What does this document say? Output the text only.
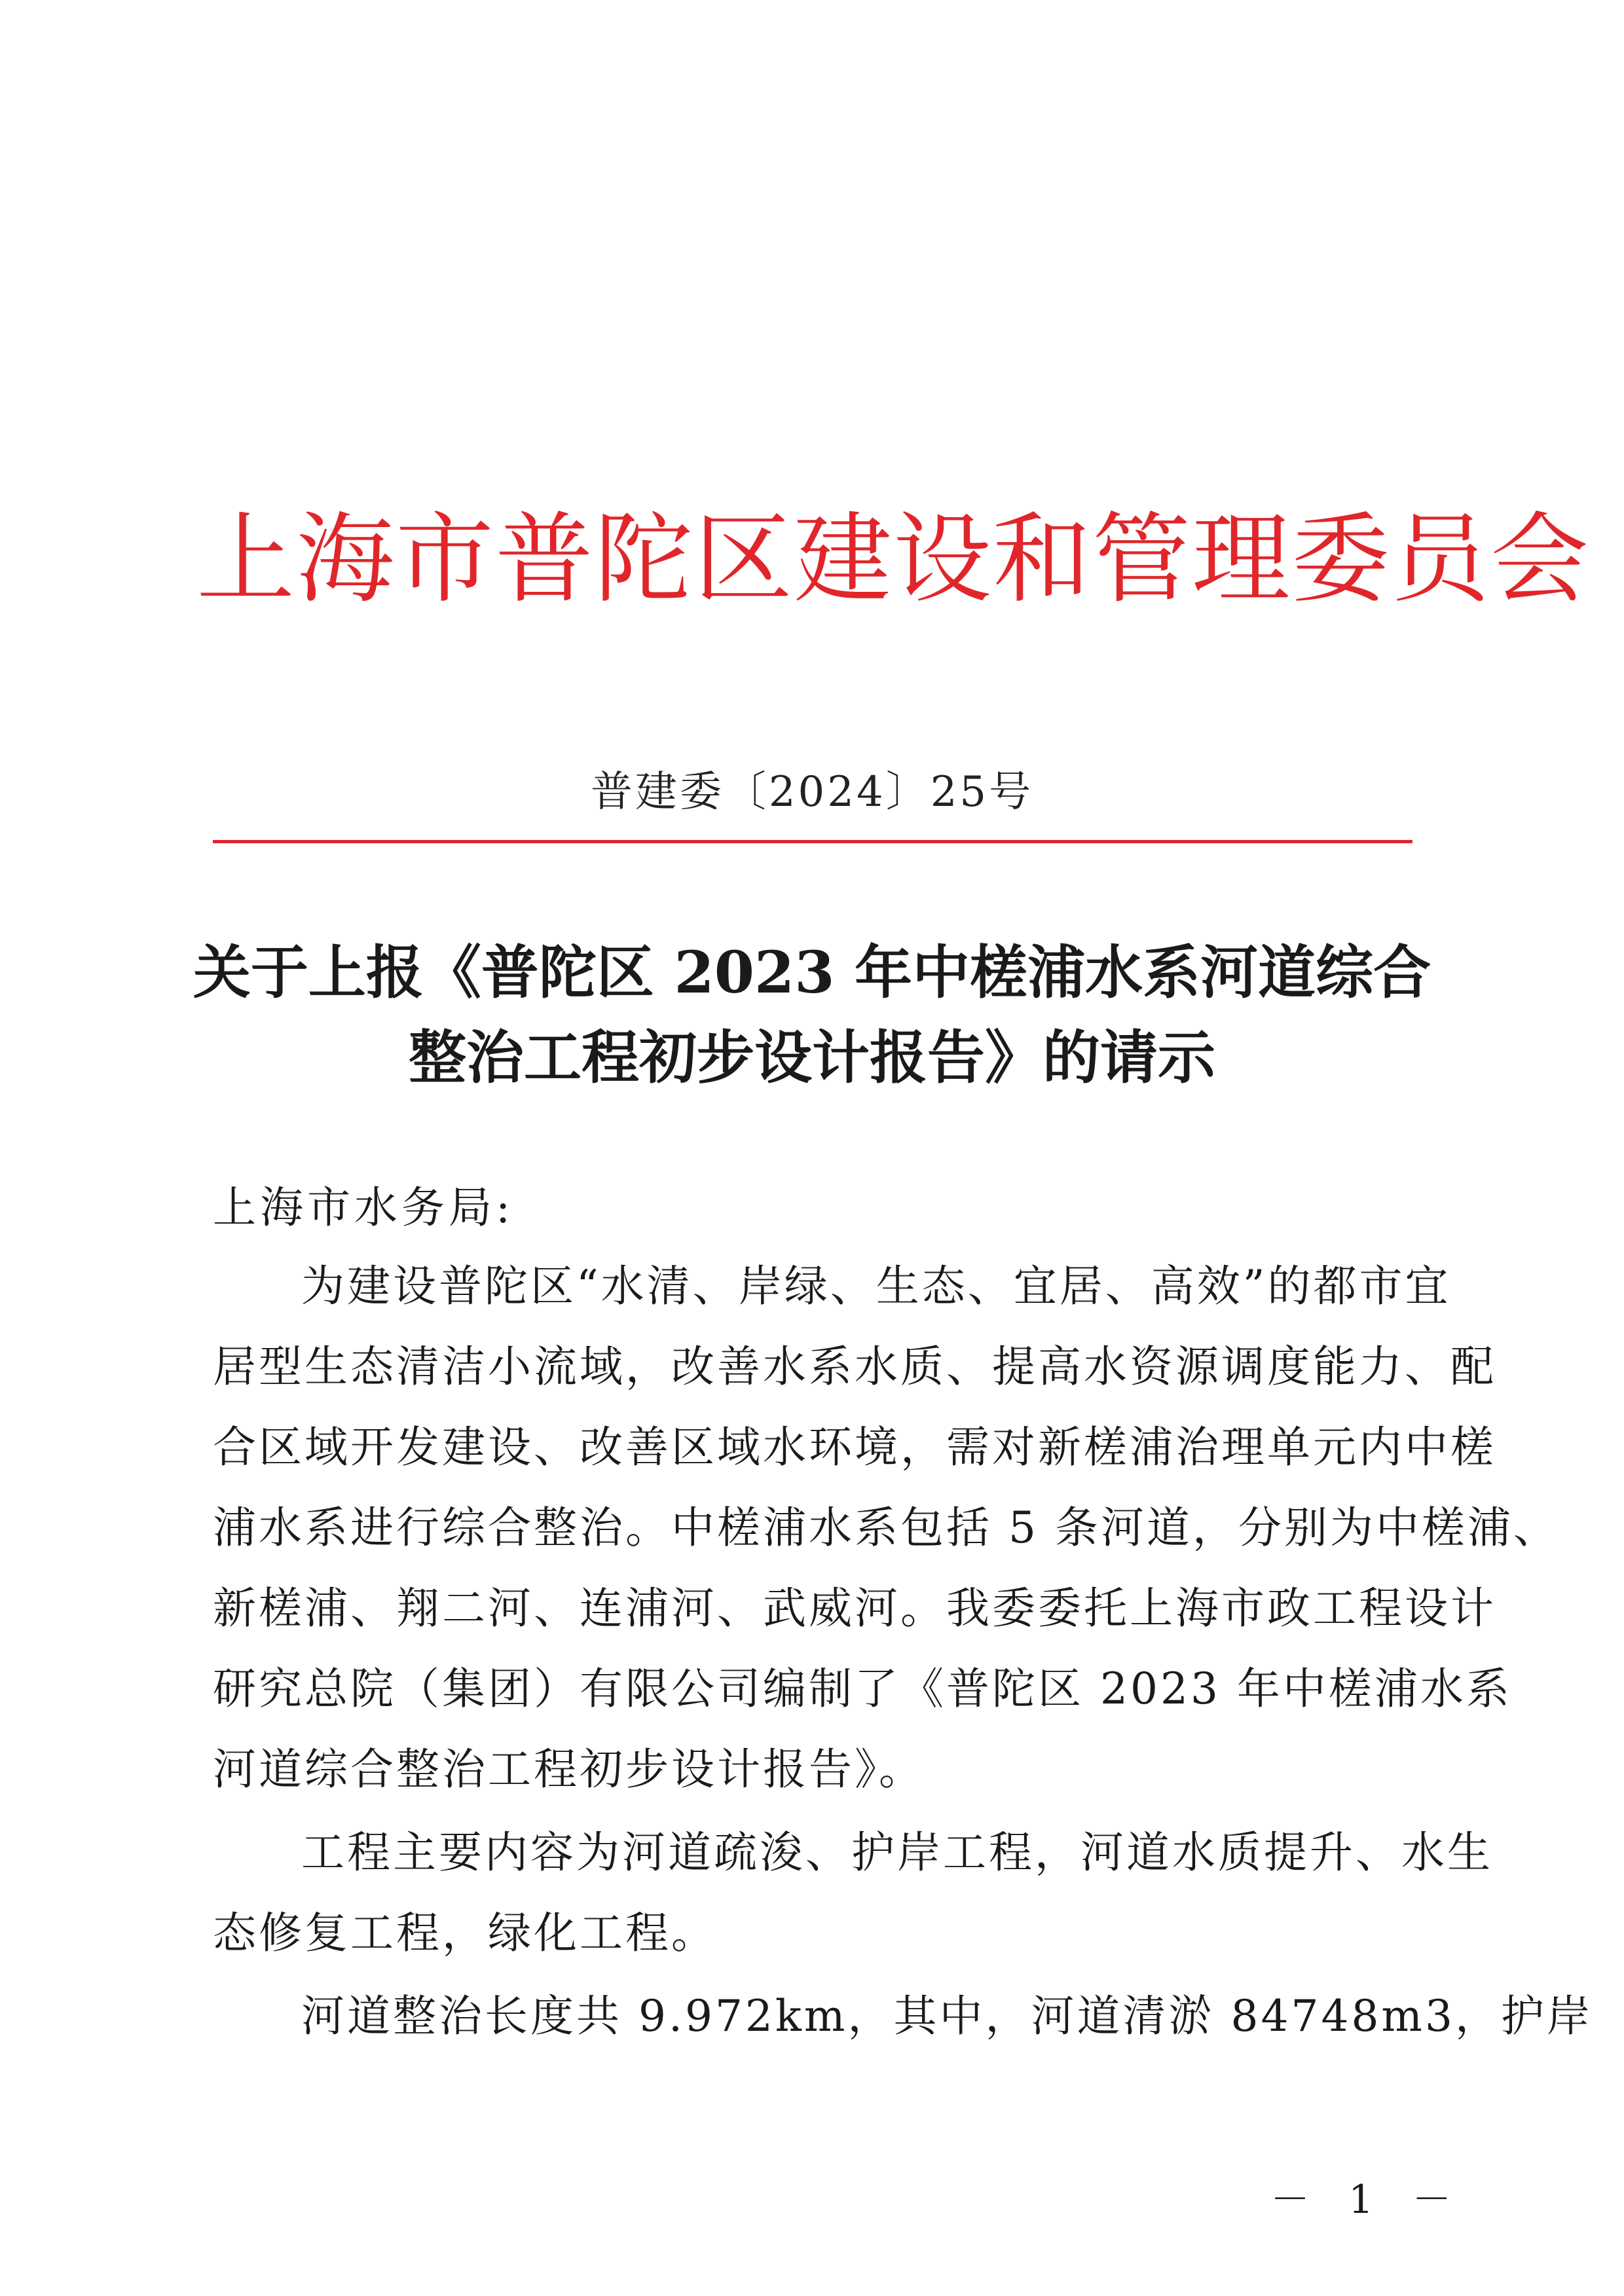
上海市普陀区建设和管理委员会
普建委〔2024〕25号
关于上报《普陀区 2023 年中槎浦水系河道综合
整治工程初步设计报告》的请示
上海市水务局:
为建设普陀区“水清、岸绿、生态、宜居、高效”的都市宜
居型生态清洁小流域，改善水系水质、提高水资源调度能力、配
合区域开发建设、改善区域水环境，需对新槎浦治理单元内中槎
浦水系进行综合整治。中槎浦水系包括 5 条河道，分别为中槎浦、
新槎浦、翔二河、连浦河、武威河。我委委托上海市政工程设计
研究总院（集团）有限公司编制了《普陀区 2023 年中槎浦水系
河道综合整治工程初步设计报告》。
工程主要内容为河道疏浚、护岸工程，河道水质提升、水生
态修复工程，绿化工程。
河道整治长度共 9.972km，其中，河道清淤 84748m3，护岸
－ 1 －
